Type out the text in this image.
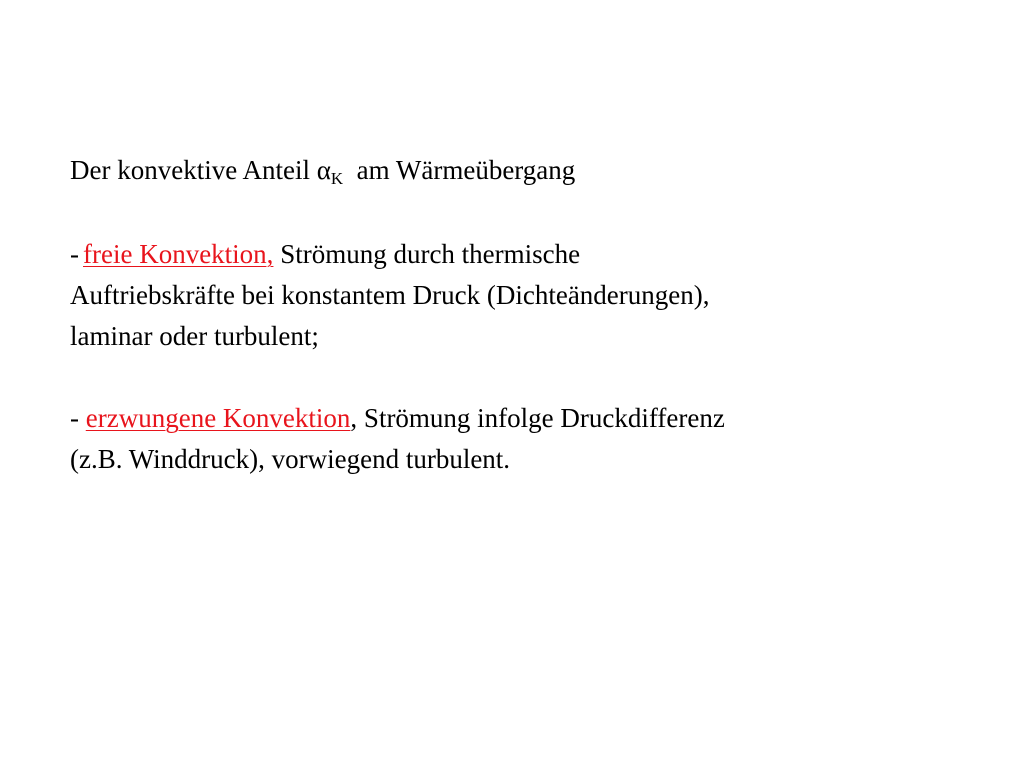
Der konvektive Anteil $\alpha_K$  am Wärmeübergang
- freie Konvektion, Strömung durch thermische
Auftriebskräfte bei konstantem Druck (Dichteänderungen),
laminar oder turbulent;
- erzwungene Konvektion, Strömung infolge Druckdifferenz
(z.B. Winddruck), vorwiegend turbulent.
